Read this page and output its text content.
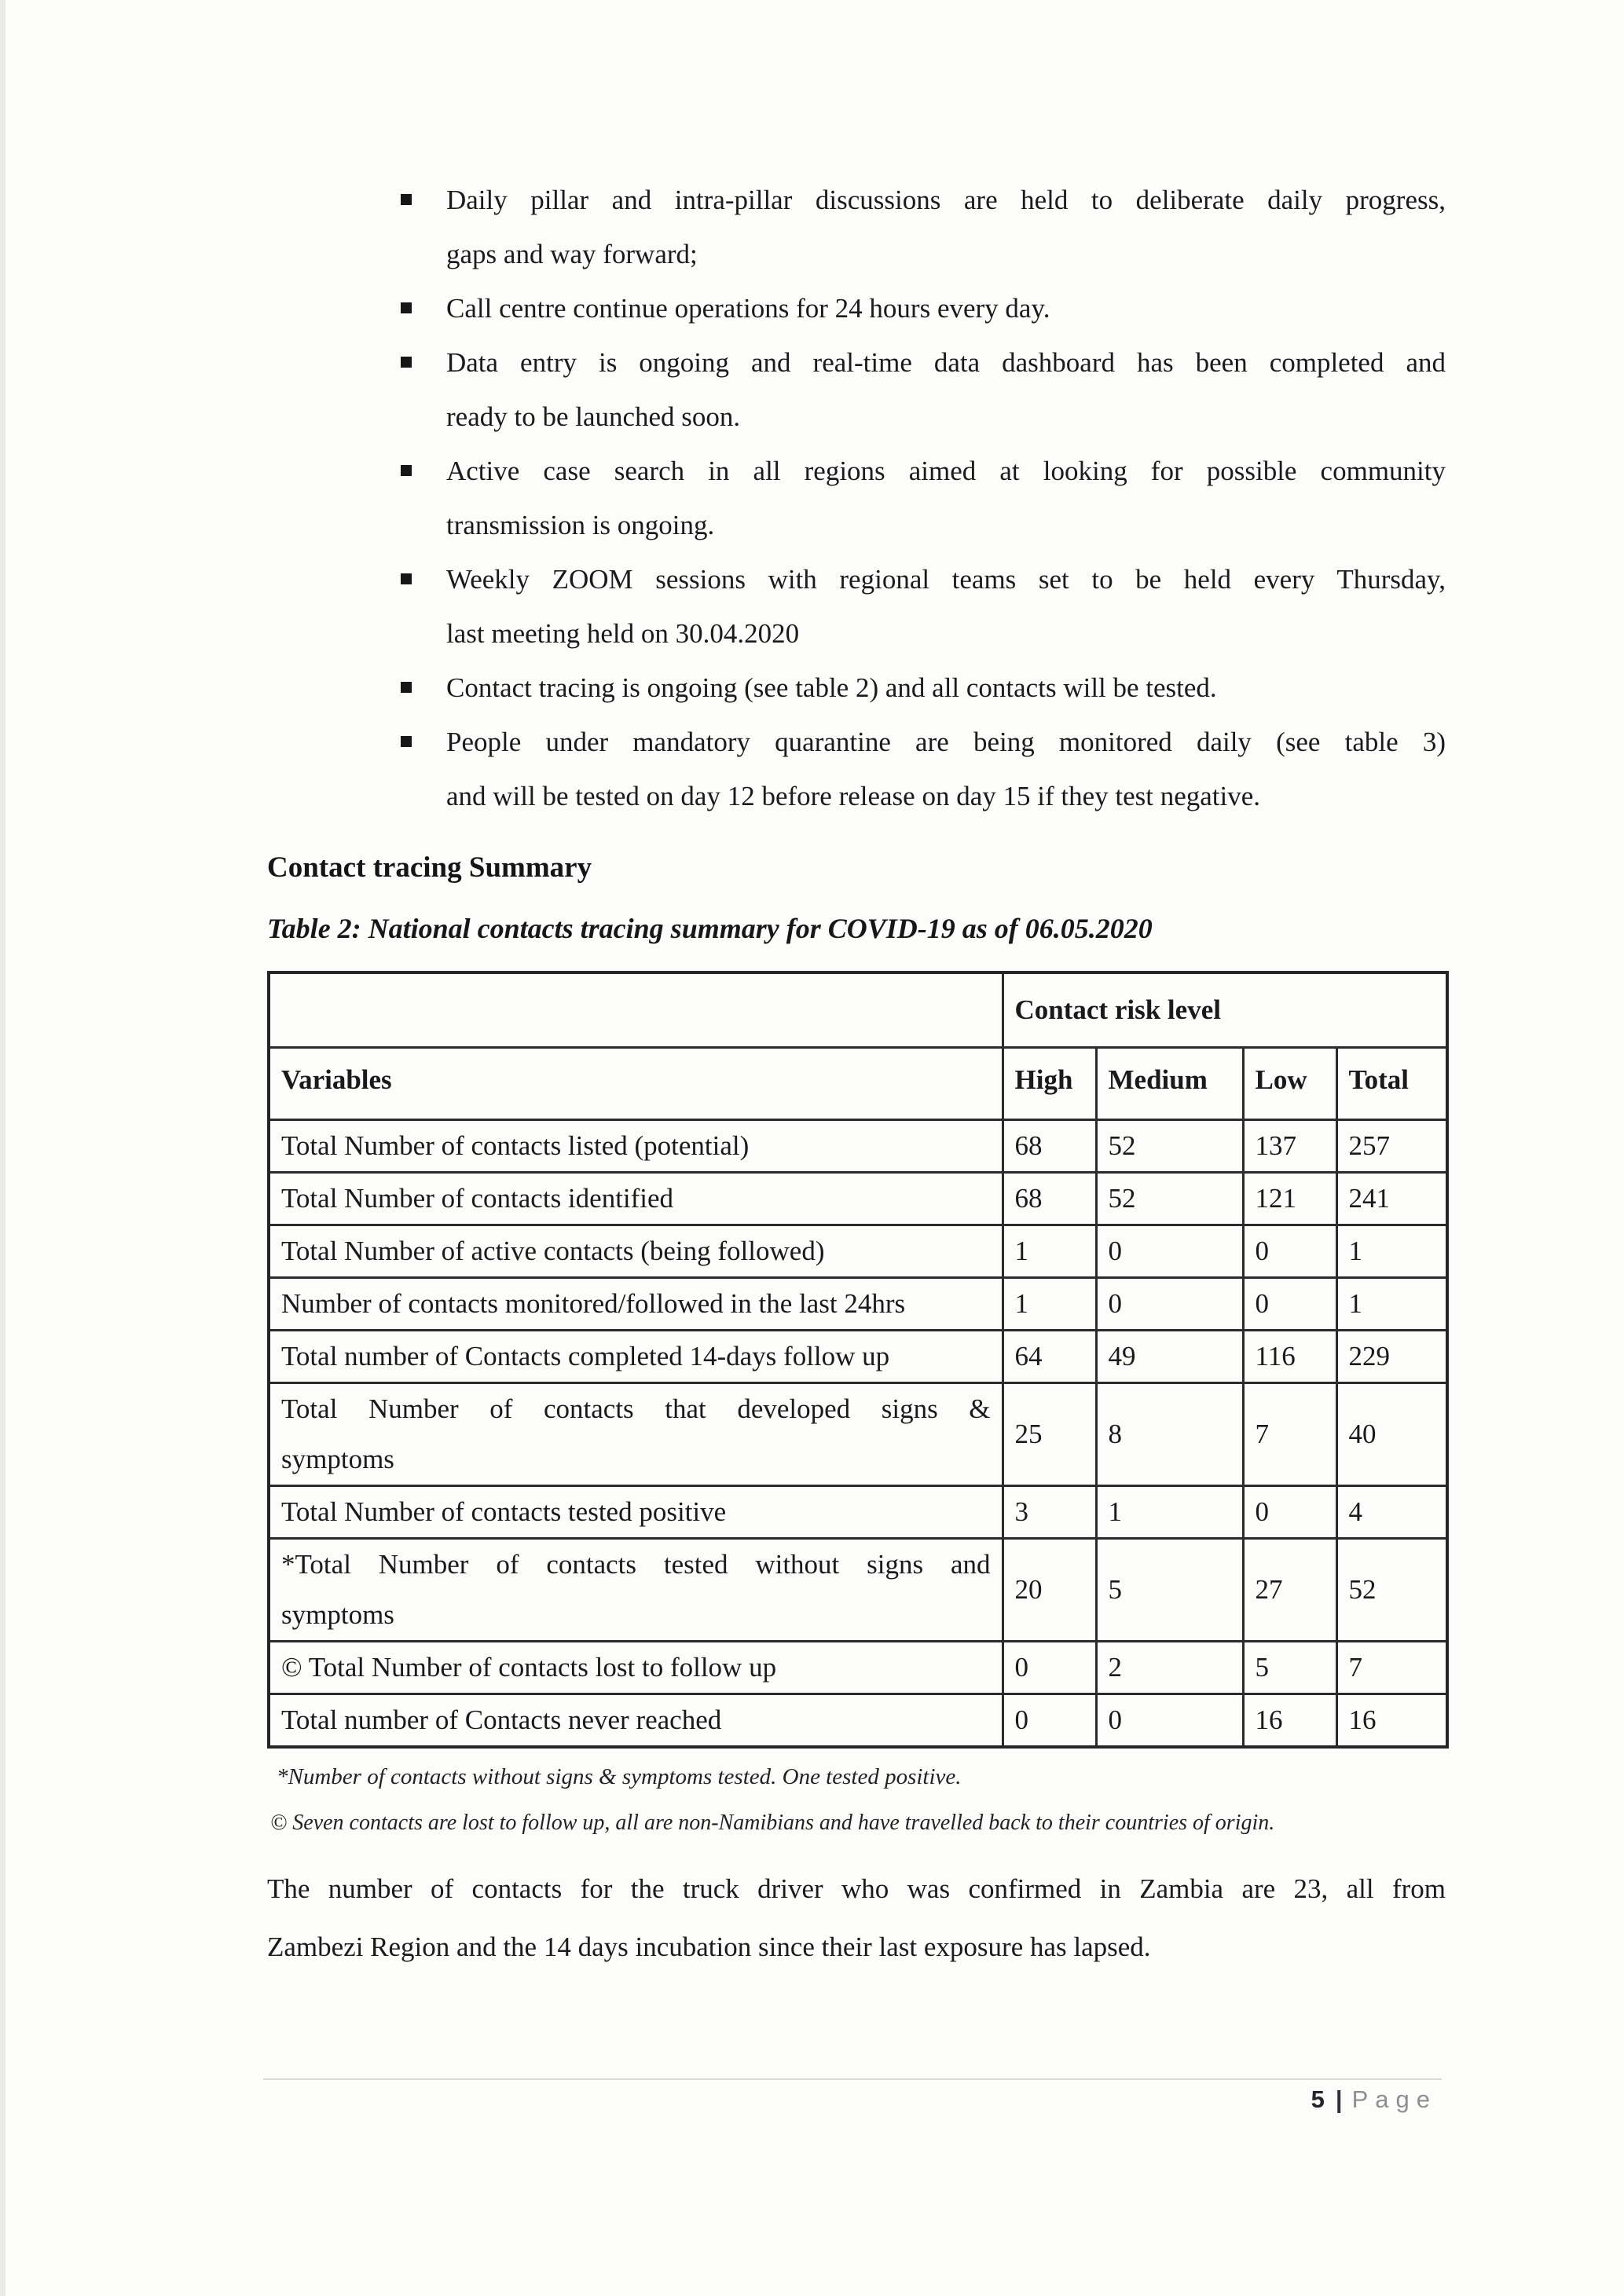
Daily pillar and intra-pillar discussions are held to deliberate daily progress,
gaps and way forward;
Call centre continue operations for 24 hours every day.
Data entry is ongoing and real-time data dashboard has been completed and
ready to be launched soon.
Active case search in all regions aimed at looking for possible community
transmission is ongoing.
Weekly ZOOM sessions with regional teams set to be held every Thursday,
last meeting held on 30.04.2020
Contact tracing is ongoing (see table 2) and all contacts will be tested.
People under mandatory quarantine are being monitored daily (see table 3)
and will be tested on day 12 before release on day 15 if they test negative.
Contact tracing Summary
Table 2: National contacts tracing summary for COVID-19 as of 06.05.2020
	Contact risk level			
Variables	High	Medium	Low	Total
Total Number of contacts listed (potential)	68	52	137	257
Total Number of contacts identified	68	52	121	241
Total Number of active contacts (being followed)	1	0	0	1
Number of contacts monitored/followed in the last 24hrs	1	0	0	1
Total number of Contacts completed 14-days follow up	64	49	116	229

Total Number of contacts that developed signs &
symptoms	25	8	7	40
Total Number of contacts tested positive	3	1	0	4

*Total Number of contacts tested without signs and
symptoms	20	5	27	52
© Total Number of contacts lost to follow up	0	2	5	7
Total number of Contacts never reached	0	0	16	16
*Number of contacts without signs & symptoms tested. One tested positive.
© Seven contacts are lost to follow up, all are non-Namibians and have travelled back to their countries of origin.

The number of contacts for the truck driver who was confirmed in Zambia are 23, all from
Zambezi Region and the 14 days incubation since their last exposure has lapsed.

5 | Page
